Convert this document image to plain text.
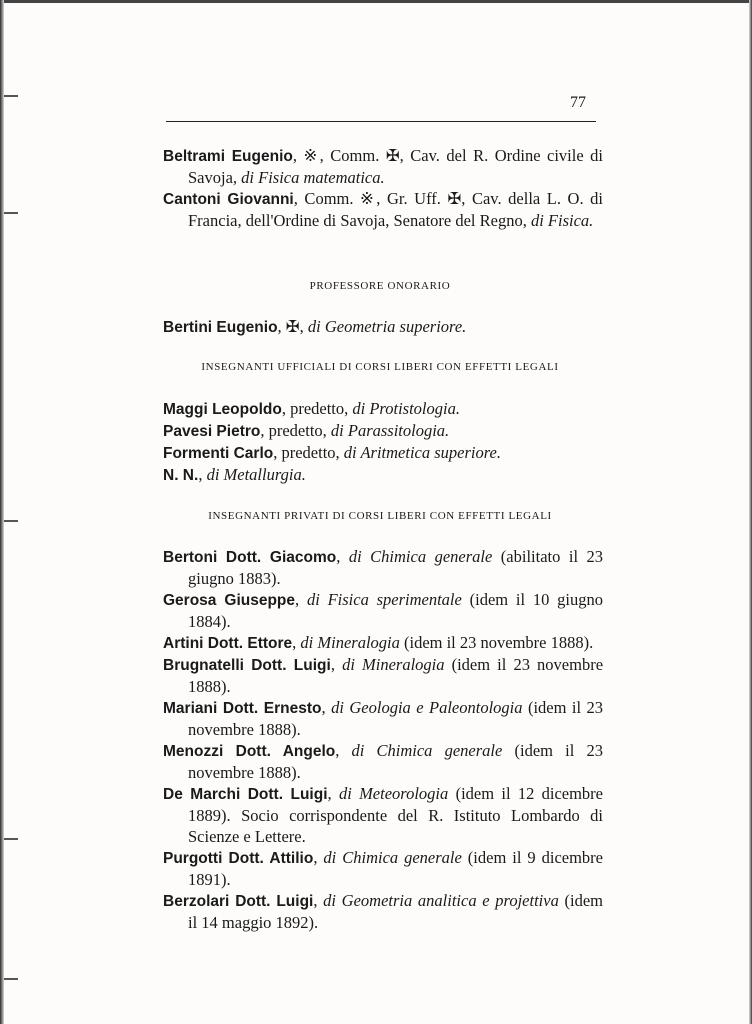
77
Beltrami Eugenio, ※, Comm. ✠, Cav. del R. Ordine civile di Savoja, di Fisica matematica.
Cantoni Giovanni, Comm. ※, Gr. Uff. ✠, Cav. della L. O. di Francia, dell'Ordine di Savoja, Senatore del Regno, di Fisica.
PROFESSORE ONORARIO
Bertini Eugenio, ✠, di Geometria superiore.
INSEGNANTI UFFICIALI DI CORSI LIBERI CON EFFETTI LEGALI
Maggi Leopoldo, predetto, di Protistologia.
Pavesi Pietro, predetto, di Parassitologia.
Formenti Carlo, predetto, di Aritmetica superiore.
N. N., di Metallurgia.
INSEGNANTI PRIVATI DI CORSI LIBERI CON EFFETTI LEGALI
Bertoni Dott. Giacomo, di Chimica generale (abilitato il 23 giugno 1883).
Gerosa Giuseppe, di Fisica sperimentale (idem il 10 giugno 1884).
Artini Dott. Ettore, di Mineralogia (idem il 23 novembre 1888).
Brugnatelli Dott. Luigi, di Mineralogia (idem il 23 novembre 1888).
Mariani Dott. Ernesto, di Geologia e Paleontologia (idem il 23 novembre 1888).
Menozzi Dott. Angelo, di Chimica generale (idem il 23 novembre 1888).
De Marchi Dott. Luigi, di Meteorologia (idem il 12 dicembre 1889). Socio corrispondente del R. Istituto Lombardo di Scienze e Lettere.
Purgotti Dott. Attilio, di Chimica generale (idem il 9 dicembre 1891).
Berzolari Dott. Luigi, di Geometria analitica e projettiva (idem il 14 maggio 1892).
